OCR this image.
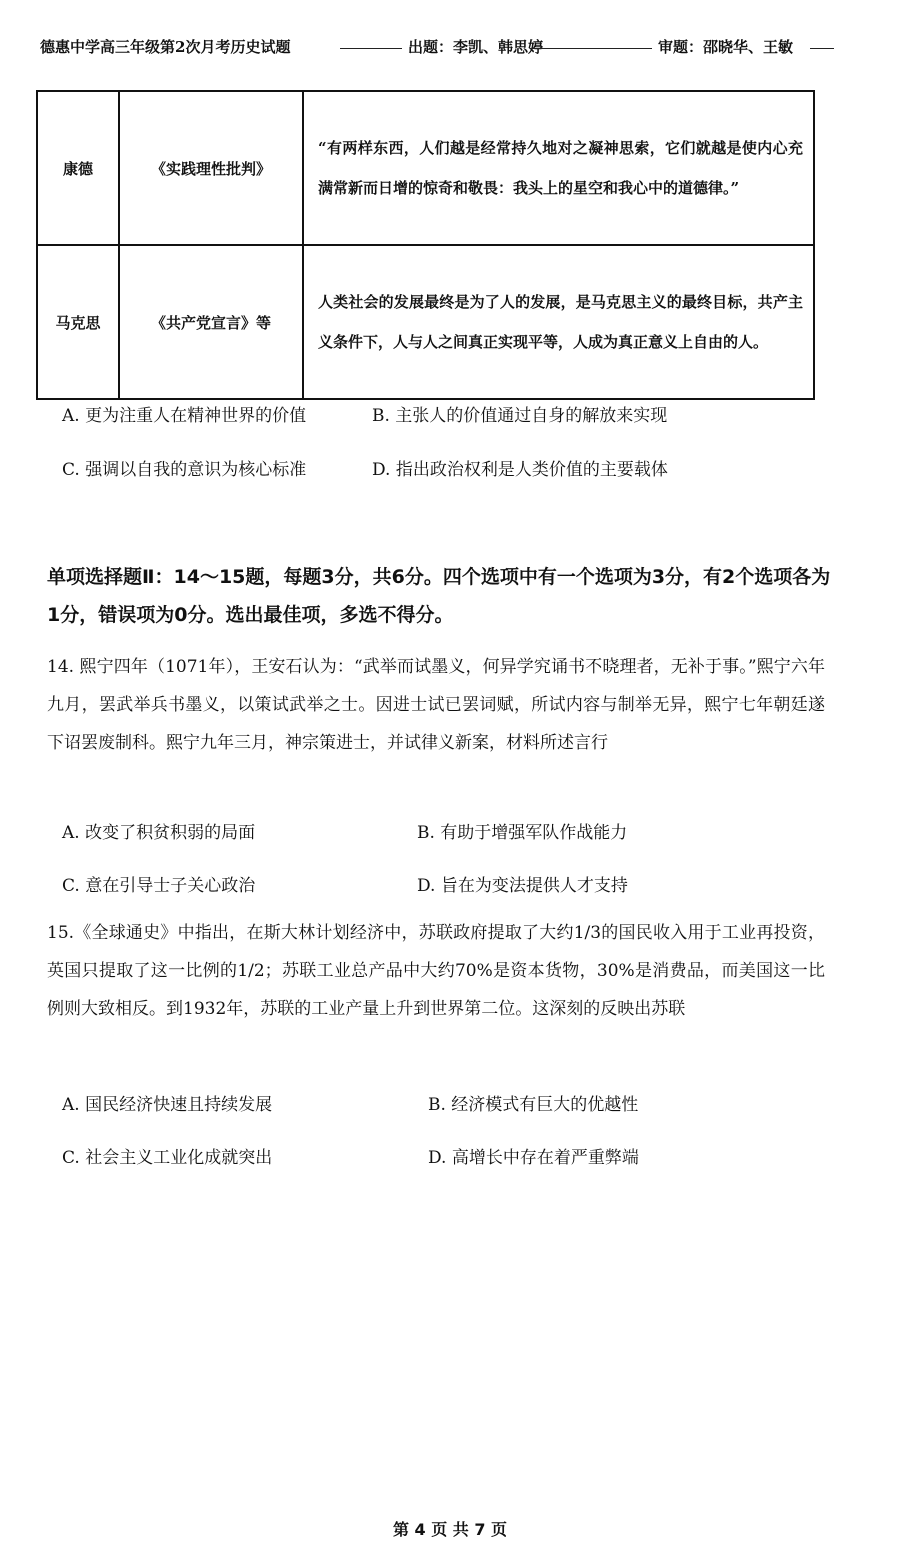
德惠中学高三年级第2次月考历史试题	出题：李凯、韩思婷	审题：邵晓华、王敏
康德	《实践理性批判》	“有两样东西，人们越是经常持久地对之凝神思索，它们就越是使内心充满常新而日增的惊奇和敬畏：我头上的星空和我心中的道德律。”
马克思	《共产党宣言》等	人类社会的发展最终是为了人的发展，是马克思主义的最终目标，共产主义条件下，人与人之间真正实现平等，人成为真正意义上自由的人。
A. 更为注重人在精神世界的价值	B. 主张人的价值通过自身的解放来实现
C. 强调以自我的意识为核心标准	D. 指出政治权利是人类价值的主要载体
单项选择题Ⅱ：14～15题，每题3分，共6分。四个选项中有一个选项为3分，有2个选项各为1分，错误项为0分。选出最佳项，多选不得分。
14. 熙宁四年（1071年），王安石认为：“武举而试墨义，何异学究诵书不晓理者，无补于事。”熙宁六年九月，罢武举兵书墨义，以策试武举之士。因进士试已罢词赋，所试内容与制举无异，熙宁七年朝廷遂下诏罢废制科。熙宁九年三月，神宗策进士，并试律义新案，材料所述言行
A. 改变了积贫积弱的局面	B. 有助于增强军队作战能力
C. 意在引导士子关心政治	D. 旨在为变法提供人才支持
15.《全球通史》中指出，在斯大林计划经济中，苏联政府提取了大约1/3的国民收入用于工业再投资，英国只提取了这一比例的1/2；苏联工业总产品中大约70%是资本货物，30%是消费品，而美国这一比例则大致相反。到1932年，苏联的工业产量上升到世界第二位。这深刻的反映出苏联
A. 国民经济快速且持续发展	B. 经济模式有巨大的优越性
C. 社会主义工业化成就突出	D. 高增长中存在着严重弊端
第 4 页 共 7 页
